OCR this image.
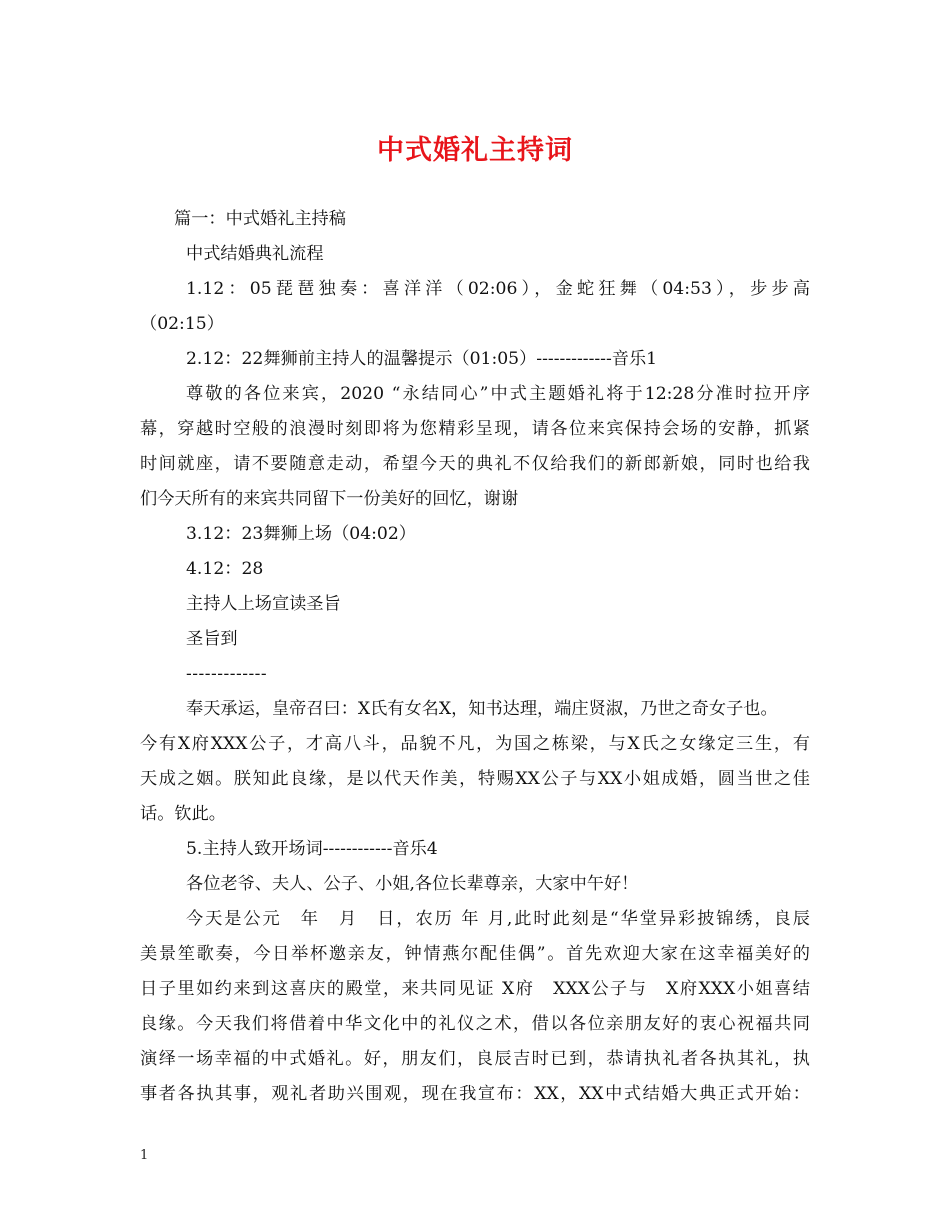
中式婚礼主持词
篇一：中式婚礼主持稿
中式结婚典礼流程
1.12：05琵琶独奏：喜洋洋（02:06），金蛇狂舞（04:53），步步高
（02:15）
2.12：22舞狮前主持人的温馨提示（01:05）-------------音乐1
尊敬的各位来宾，2020 “永结同心”中式主题婚礼将于12:28分准时拉开序
幕，穿越时空般的浪漫时刻即将为您精彩呈现，请各位来宾保持会场的安静，抓紧
时间就座，请不要随意走动，希望今天的典礼不仅给我们的新郎新娘，同时也给我
们今天所有的来宾共同留下一份美好的回忆，谢谢
3.12：23舞狮上场（04:02）
4.12：28
主持人上场宣读圣旨
圣旨到
-------------
奉天承运，皇帝召曰：X氏有女名X，知书达理，端庄贤淑，乃世之奇女子也。
今有X府XXX公子，才高八斗，品貌不凡，为国之栋梁，与X氏之女缘定三生，有
天成之姻。朕知此良缘，是以代天作美，特赐XX公子与XX小姐成婚，圆当世之佳
话。钦此。
5.主持人致开场词------------音乐4
各位老爷、夫人、公子、小姐,各位长辈尊亲，大家中午好！
今天是公元　年　月　日，农历 年 月,此时此刻是“华堂异彩披锦绣，良辰
美景笙歌奏，今日举杯邀亲友，钟情燕尔配佳偶”。首先欢迎大家在这幸福美好的
日子里如约来到这喜庆的殿堂，来共同见证 X府　XXX公子与　X府XXX小姐喜结
良缘。今天我们将借着中华文化中的礼仪之术，借以各位亲朋友好的衷心祝福共同
演绎一场幸福的中式婚礼。好，朋友们，良辰吉时已到，恭请执礼者各执其礼，执
事者各执其事，观礼者助兴围观，现在我宣布：XX，XX中式结婚大典正式开始：
1
